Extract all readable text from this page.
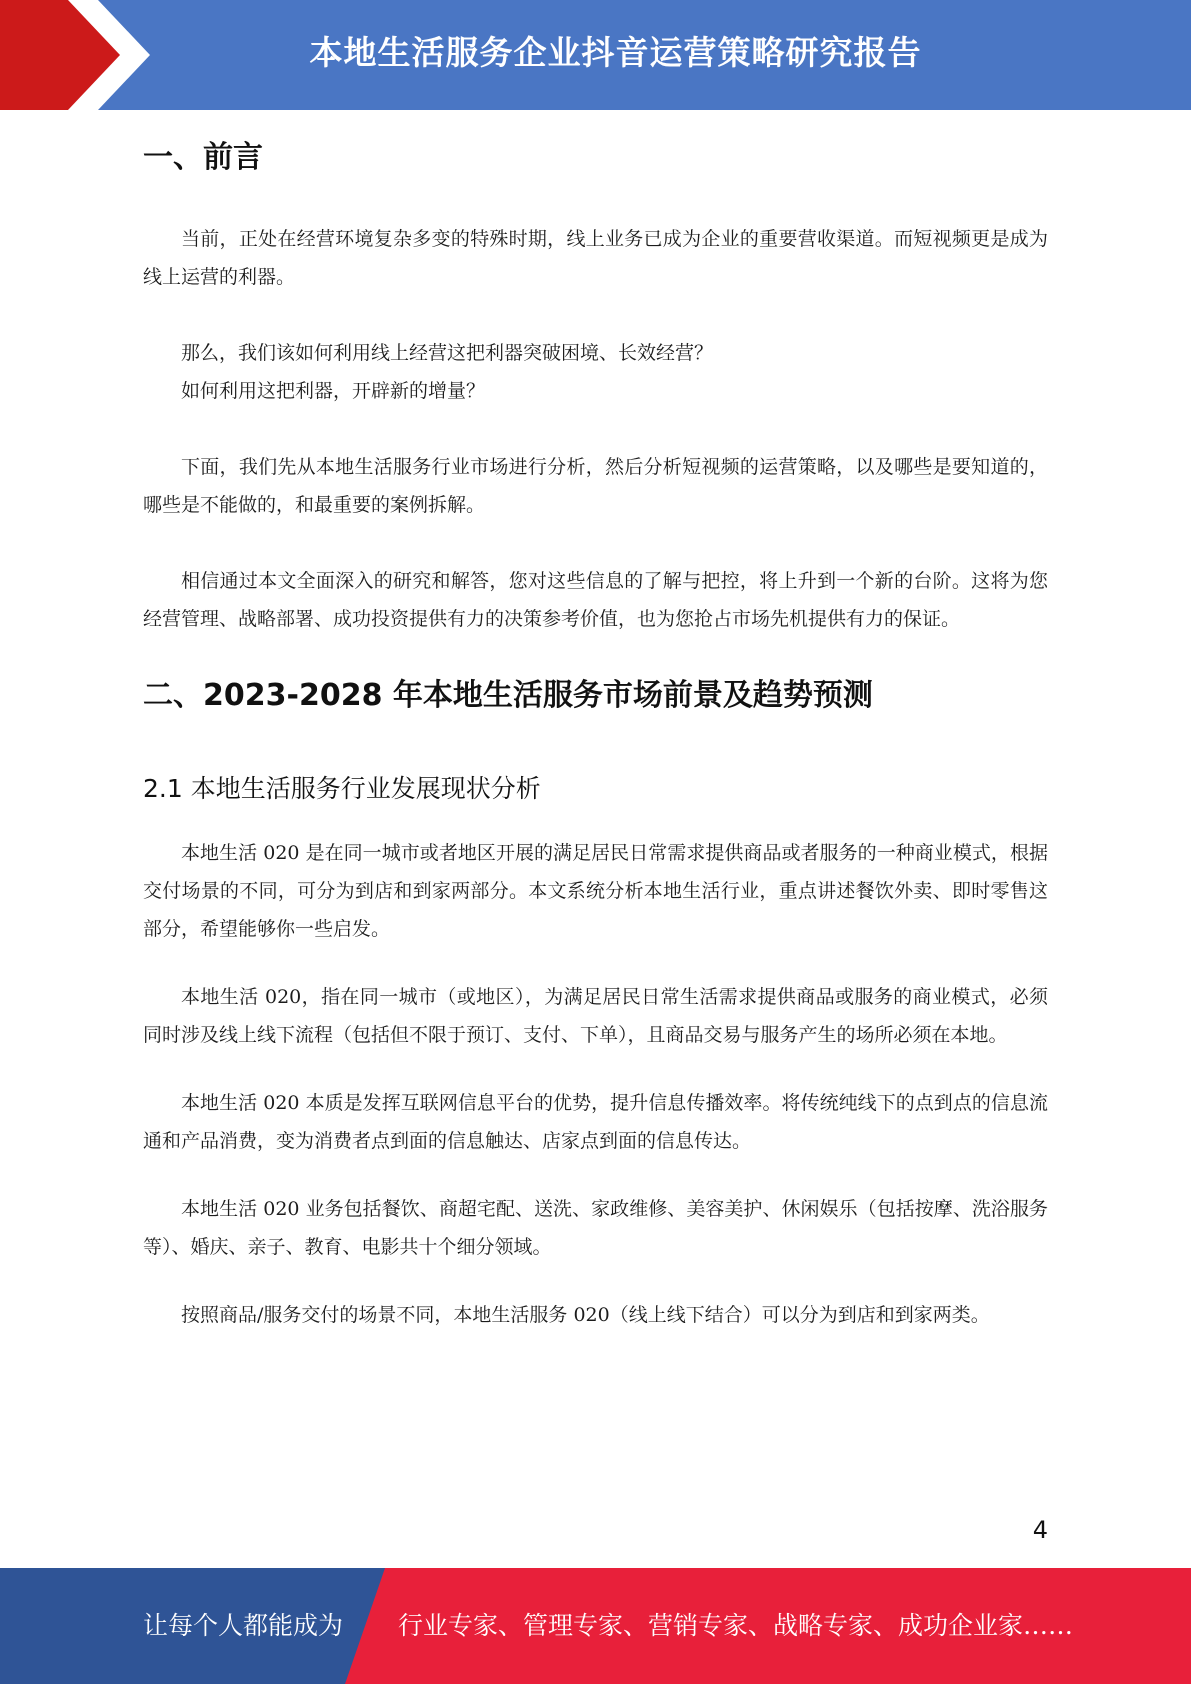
本地生活服务企业抖音运营策略研究报告
一、前言

当前，正处在经营环境复杂多变的特殊时期，线上业务已成为企业的重要营收渠道。而短视频更是成为线上运营的利器。

那么，我们该如何利用线上经营这把利器突破困境、长效经营？

如何利用这把利器，开辟新的增量？

下面，我们先从本地生活服务行业市场进行分析，然后分析短视频的运营策略，以及哪些是要知道的，哪些是不能做的，和最重要的案例拆解。

相信通过本文全面深入的研究和解答，您对这些信息的了解与把控，将上升到一个新的台阶。这将为您经营管理、战略部署、成功投资提供有力的决策参考价值，也为您抢占市场先机提供有力的保证。

二、2023-2028 年本地生活服务市场前景及趋势预测
2.1 本地生活服务行业发展现状分析

本地生活 020 是在同一城市或者地区开展的满足居民日常需求提供商品或者服务的一种商业模式，根据交付场景的不同，可分为到店和到家两部分。本文系统分析本地生活行业，重点讲述餐饮外卖、即时零售这部分，希望能够你一些启发。

本地生活 020，指在同一城市（或地区），为满足居民日常生活需求提供商品或服务的商业模式，必须同时涉及线上线下流程（包括但不限于预订、支付、下单），且商品交易与服务产生的场所必须在本地。

本地生活 020 本质是发挥互联网信息平台的优势，提升信息传播效率。将传统纯线下的点到点的信息流通和产品消费，变为消费者点到面的信息触达、店家点到面的信息传达。

本地生活 020 业务包括餐饮、商超宅配、送洗、家政维修、美容美护、休闲娱乐（包括按摩、洗浴服务等）、婚庆、亲子、教育、电影共十个细分领域。

按照商品/服务交付的场景不同，本地生活服务 020（线上线下结合）可以分为到店和到家两类。

4
让每个人都能成为 行业专家、管理专家、营销专家、战略专家、成功企业家……
